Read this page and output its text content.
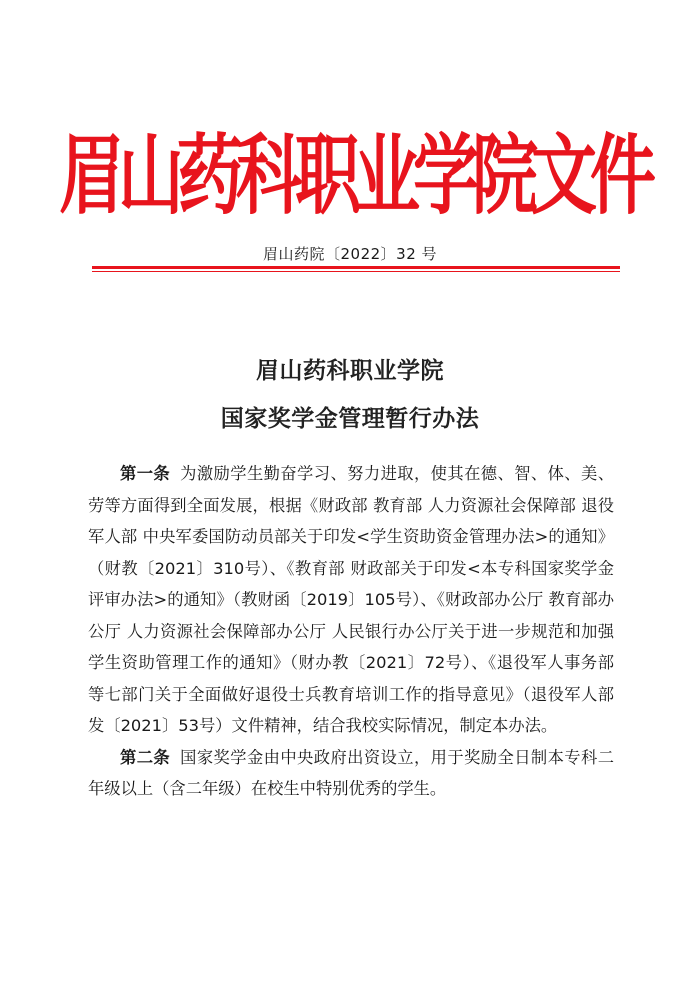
眉山药科职业学院文件
眉山药院〔2022〕32 号
眉山药科职业学院
国家奖学金管理暂行办法

第一条 为激励学生勤奋学习、努力进取，使其在德、智、体、美、劳等方面得到全面发展，根据《财政部 教育部 人力资源社会保障部 退役军人部 中央军委国防动员部关于印发<学生资助资金管理办法>的通知》（财教〔2021〕310号）、《教育部 财政部关于印发<本专科国家奖学金评审办法>的通知》（教财函〔2019〕105号）、《财政部办公厅 教育部办公厅 人力资源社会保障部办公厅 人民银行办公厅关于进一步规范和加强学生资助管理工作的通知》（财办教〔2021〕72号）、《退役军人事务部等七部门关于全面做好退役士兵教育培训工作的指导意见》（退役军人部发〔2021〕53号）文件精神，结合我校实际情况，制定本办法。

第二条 国家奖学金由中央政府出资设立，用于奖励全日制本专科二年级以上（含二年级）在校生中特别优秀的学生。
